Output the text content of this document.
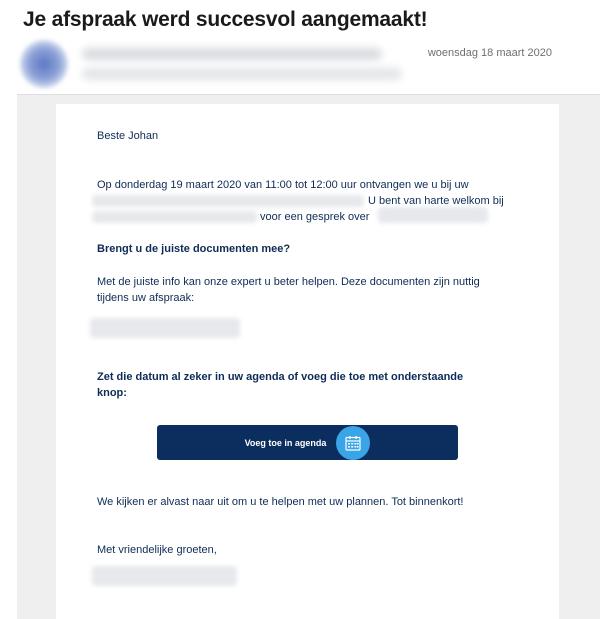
Je afspraak werd succesvol aangemaakt!
woensdag 18 maart 2020
Beste Johan
Op donderdag 19 maart 2020 van 11:00 tot 12:00 uur ontvangen we u bij uw
U bent van harte welkom bij
voor een gesprek over
Brengt u de juiste documenten mee?
Met de juiste info kan onze expert u beter helpen. Deze documenten zijn nuttig
tijdens uw afspraak:
Zet die datum al zeker in uw agenda of voeg die toe met onderstaande
knop:
Voeg toe in agenda
We kijken er alvast naar uit om u te helpen met uw plannen. Tot binnenkort!
Met vriendelijke groeten,
